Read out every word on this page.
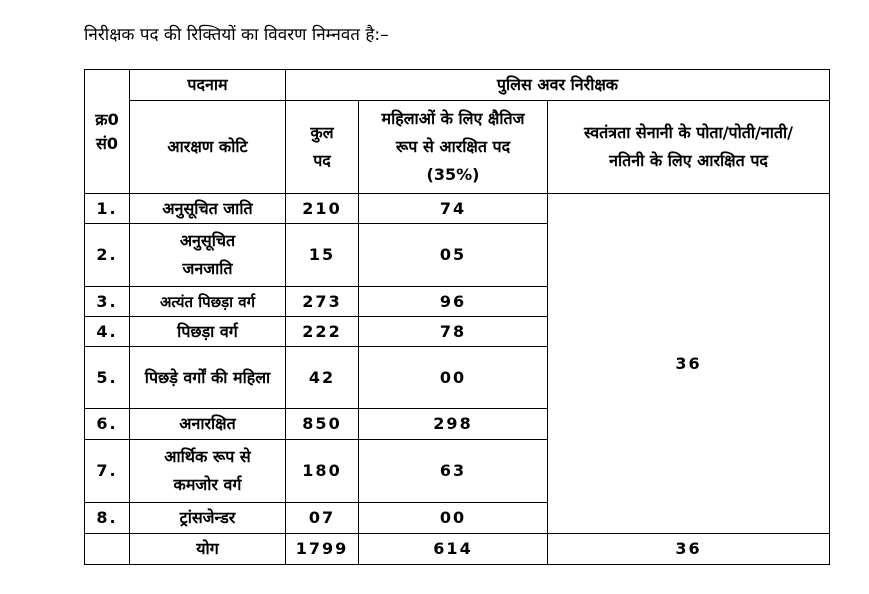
निरीक्षक पद की रिक्तियों का विवरण निम्नवत है:–
क्र0 सं0	पदनाम	पुलिस अवर निरीक्षक		
	आरक्षण कोटि	कुल पद	महिलाओं के लिए क्षैतिज रूप से आरक्षित पद (35%)	स्वतंत्रता सेनानी के पोता/पोती/नाती/नतिनी के लिए आरक्षित पद
1.	अनुसूचित जाति	210	74	36
2.	अनुसूचित जनजाति	15	05	
3.	अत्यंत पिछड़ा वर्ग	273	96	
4.	पिछड़ा वर्ग	222	78	
5.	पिछड़े वर्गों की महिला	42	00	
6.	अनारक्षित	850	298	
7.	आर्थिक रूप से कमजोर वर्ग	180	63	
8.	ट्रांसजेन्डर	07	00	
	योग	1799	614	36
